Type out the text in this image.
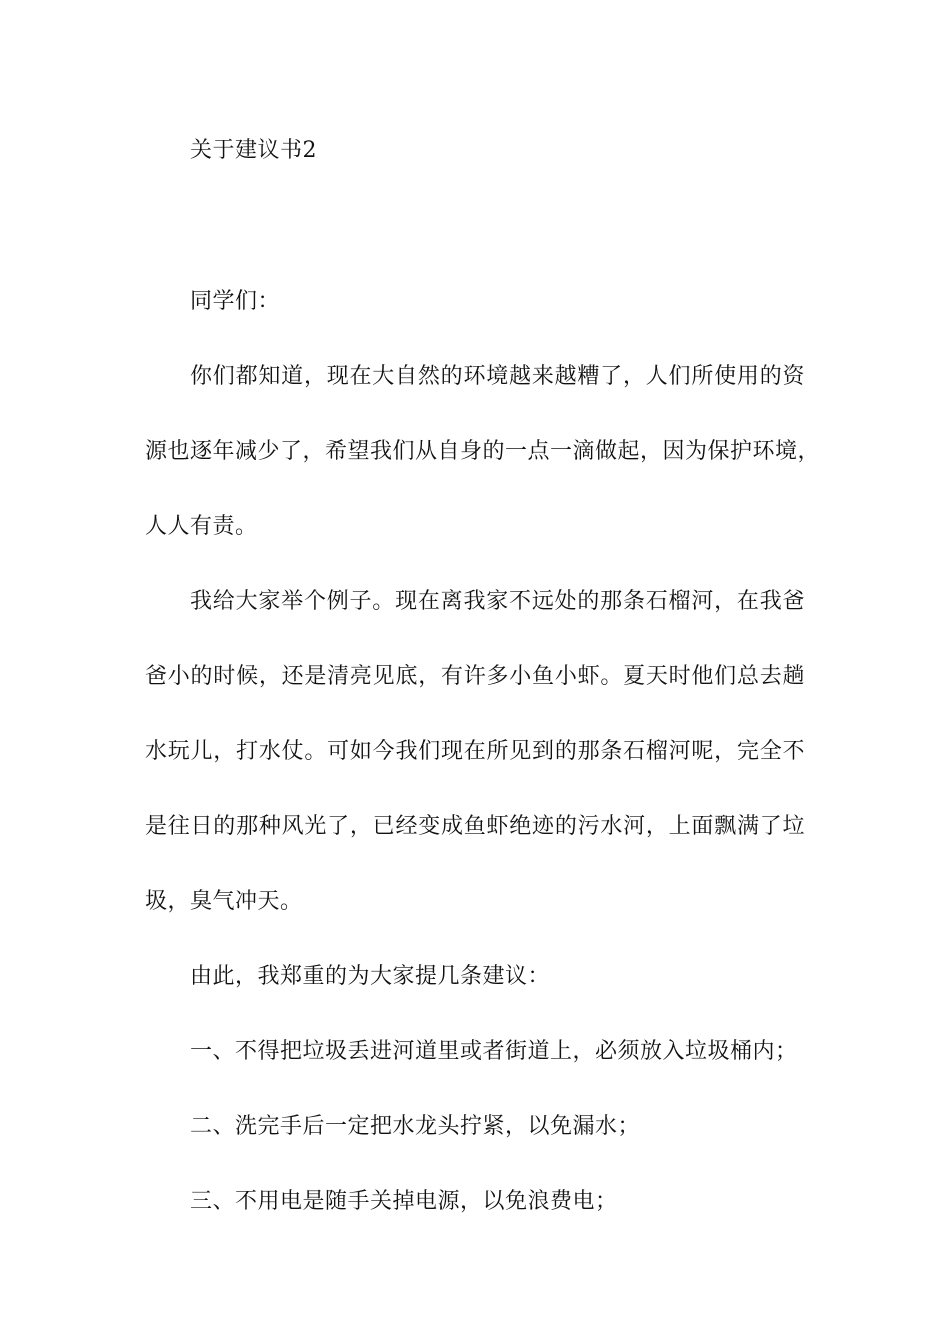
关于建议书2
同学们：
你们都知道，现在大自然的环境越来越糟了，人们所使用的资
源也逐年减少了，希望我们从自身的一点一滴做起，因为保护环境，
人人有责。
我给大家举个例子。现在离我家不远处的那条石榴河，在我爸
爸小的时候，还是清亮见底，有许多小鱼小虾。夏天时他们总去趟
水玩儿，打水仗。可如今我们现在所见到的那条石榴河呢，完全不
是往日的那种风光了，已经变成鱼虾绝迹的污水河，上面飘满了垃
圾，臭气冲天。
由此，我郑重的为大家提几条建议：
一、不得把垃圾丢进河道里或者街道上，必须放入垃圾桶内；
二、洗完手后一定把水龙头拧紧，以免漏水；
三、不用电是随手关掉电源，以免浪费电；
